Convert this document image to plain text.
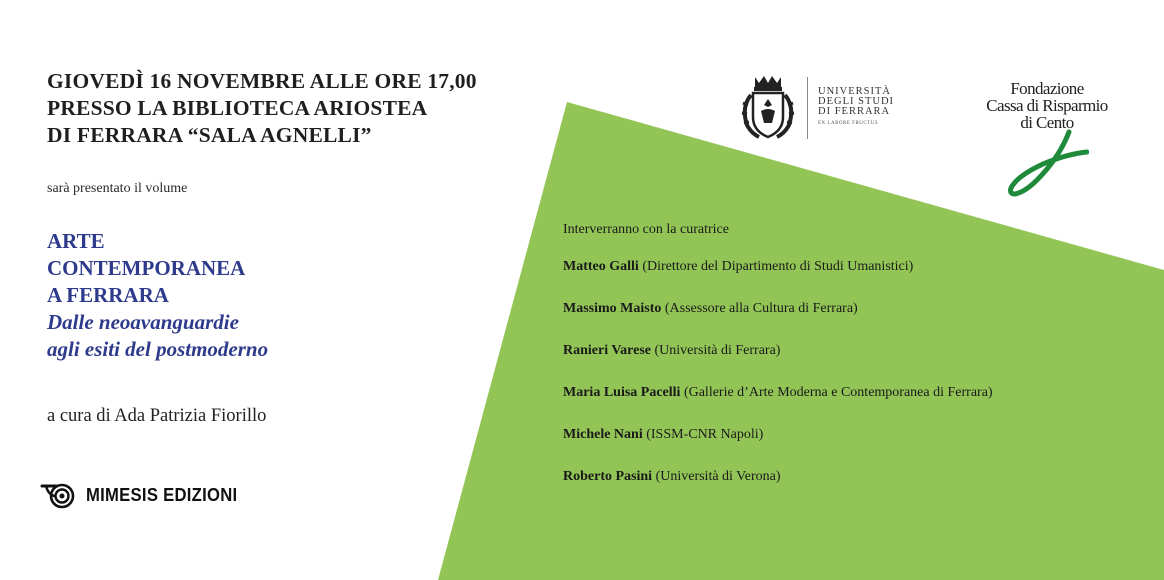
GIOVEDÌ 16 NOVEMBRE ALLE ORE 17,00
PRESSO LA BIBLIOTECA ARIOSTEA
DI FERRARA “SALA AGNELLI”
sarà presentato il volume
ARTE
CONTEMPORANEA
A FERRARA
Dalle neoavanguardie
agli esiti del postmoderno
a cura di Ada Patrizia Fiorillo
MIMESIS EDIZIONI
UNIVERSITÀ
DEGLI STUDI
DI FERRARA
EX LABORE FRUCTUS
Fondazione
Cassa di Risparmio
di Cento
Interverranno con la curatrice
Matteo Galli (Direttore del Dipartimento di Studi Umanistici)
Massimo Maisto (Assessore alla Cultura di Ferrara)
Ranieri Varese (Università di Ferrara)
Maria Luisa Pacelli (Gallerie d’Arte Moderna e Contemporanea di Ferrara)
Michele Nani (ISSM-CNR Napoli)
Roberto Pasini (Università di Verona)
